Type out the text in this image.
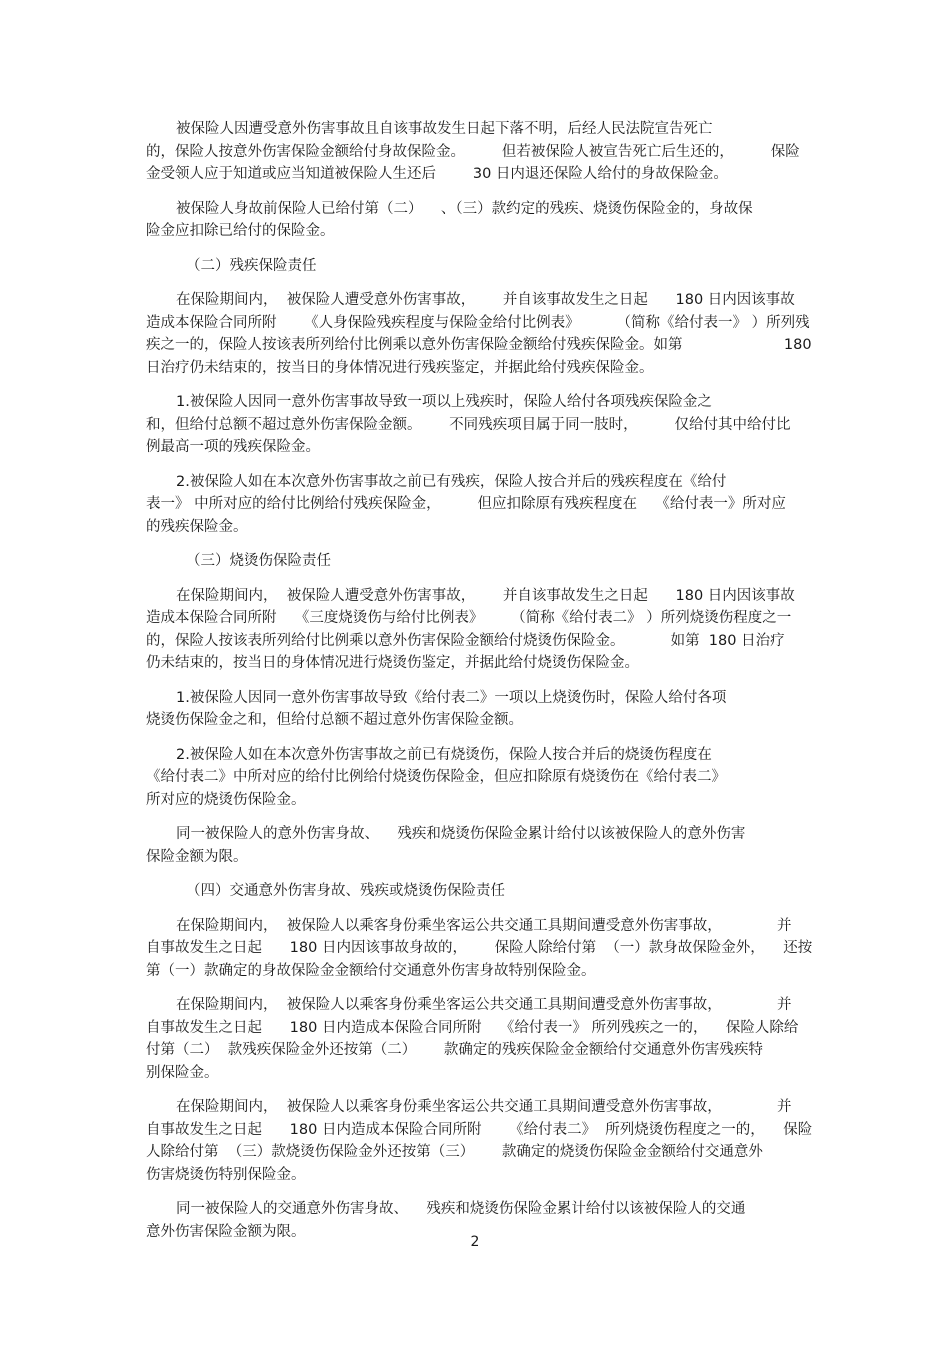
被保险人因遭受意外伤害事故且自该事故发生日起下落不明，后经人民法院宣告死亡
的，保险人按意外伤害保险金额给付身故保险金。        但若被保险人被宣告死亡后生还的，        保险
金受领人应于知道或应当知道被保险人生还后        30 日内退还保险人给付的身故保险金。
被保险人身故前保险人已给付第（二）    、（三）款约定的残疾、烧烫伤保险金的，身故保
险金应扣除已给付的保险金。
（二）残疾保险责任
在保险期间内，  被保险人遭受意外伤害事故，      并自该事故发生之日起      180 日内因该事故
造成本保险合同所附      《人身保险残疾程度与保险金给付比例表》        （简称《给付表一》 ）所列残
疾之一的，保险人按该表所列给付比例乘以意外伤害保险金额给付残疾保险金。如第                      180
日治疗仍未结束的，按当日的身体情况进行残疾鉴定，并据此给付残疾保险金。
1.被保险人因同一意外伤害事故导致一项以上残疾时，保险人给付各项残疾保险金之
和，但给付总额不超过意外伤害保险金额。      不同残疾项目属于同一肢时，        仅给付其中给付比
例最高一项的残疾保险金。
2.被保险人如在本次意外伤害事故之前已有残疾，保险人按合并后的残疾程度在《给付
表一》 中所对应的给付比例给付残疾保险金，        但应扣除原有残疾程度在    《给付表一》所对应
的残疾保险金。
（三）烧烫伤保险责任
在保险期间内，  被保险人遭受意外伤害事故，      并自该事故发生之日起      180 日内因该事故
造成本保险合同所附    《三度烧烫伤与给付比例表》      （简称《给付表二》 ）所列烧烫伤程度之一
的，保险人按该表所列给付比例乘以意外伤害保险金额给付烧烫伤保险金。          如第  180 日治疗
仍未结束的，按当日的身体情况进行烧烫伤鉴定，并据此给付烧烫伤保险金。
1.被保险人因同一意外伤害事故导致《给付表二》一项以上烧烫伤时，保险人给付各项
烧烫伤保险金之和，但给付总额不超过意外伤害保险金额。
2.被保险人如在本次意外伤害事故之前已有烧烫伤，保险人按合并后的烧烫伤程度在
《给付表二》中所对应的给付比例给付烧烫伤保险金，但应扣除原有烧烫伤在《给付表二》
所对应的烧烫伤保险金。
同一被保险人的意外伤害身故、    残疾和烧烫伤保险金累计给付以该被保险人的意外伤害
保险金额为限。
（四）交通意外伤害身故、残疾或烧烫伤保险责任
在保险期间内，  被保险人以乘客身份乘坐客运公共交通工具期间遭受意外伤害事故，            并
自事故发生之日起      180 日内因该事故身故的，      保险人除给付第  （一）款身故保险金外，    还按
第（一）款确定的身故保险金金额给付交通意外伤害身故特别保险金。
在保险期间内，  被保险人以乘客身份乘坐客运公共交通工具期间遭受意外伤害事故，            并
自事故发生之日起      180 日内造成本保险合同所附    《给付表一》 所列残疾之一的，    保险人除给
付第（二）  款残疾保险金外还按第（二）      款确定的残疾保险金金额给付交通意外伤害残疾特
别保险金。
在保险期间内，  被保险人以乘客身份乘坐客运公共交通工具期间遭受意外伤害事故，            并
自事故发生之日起      180 日内造成本保险合同所附      《给付表二》  所列烧烫伤程度之一的，    保险
人除给付第  （三）款烧烫伤保险金外还按第（三）      款确定的烧烫伤保险金金额给付交通意外
伤害烧烫伤特别保险金。
同一被保险人的交通意外伤害身故、    残疾和烧烫伤保险金累计给付以该被保险人的交通
意外伤害保险金额为限。
2
